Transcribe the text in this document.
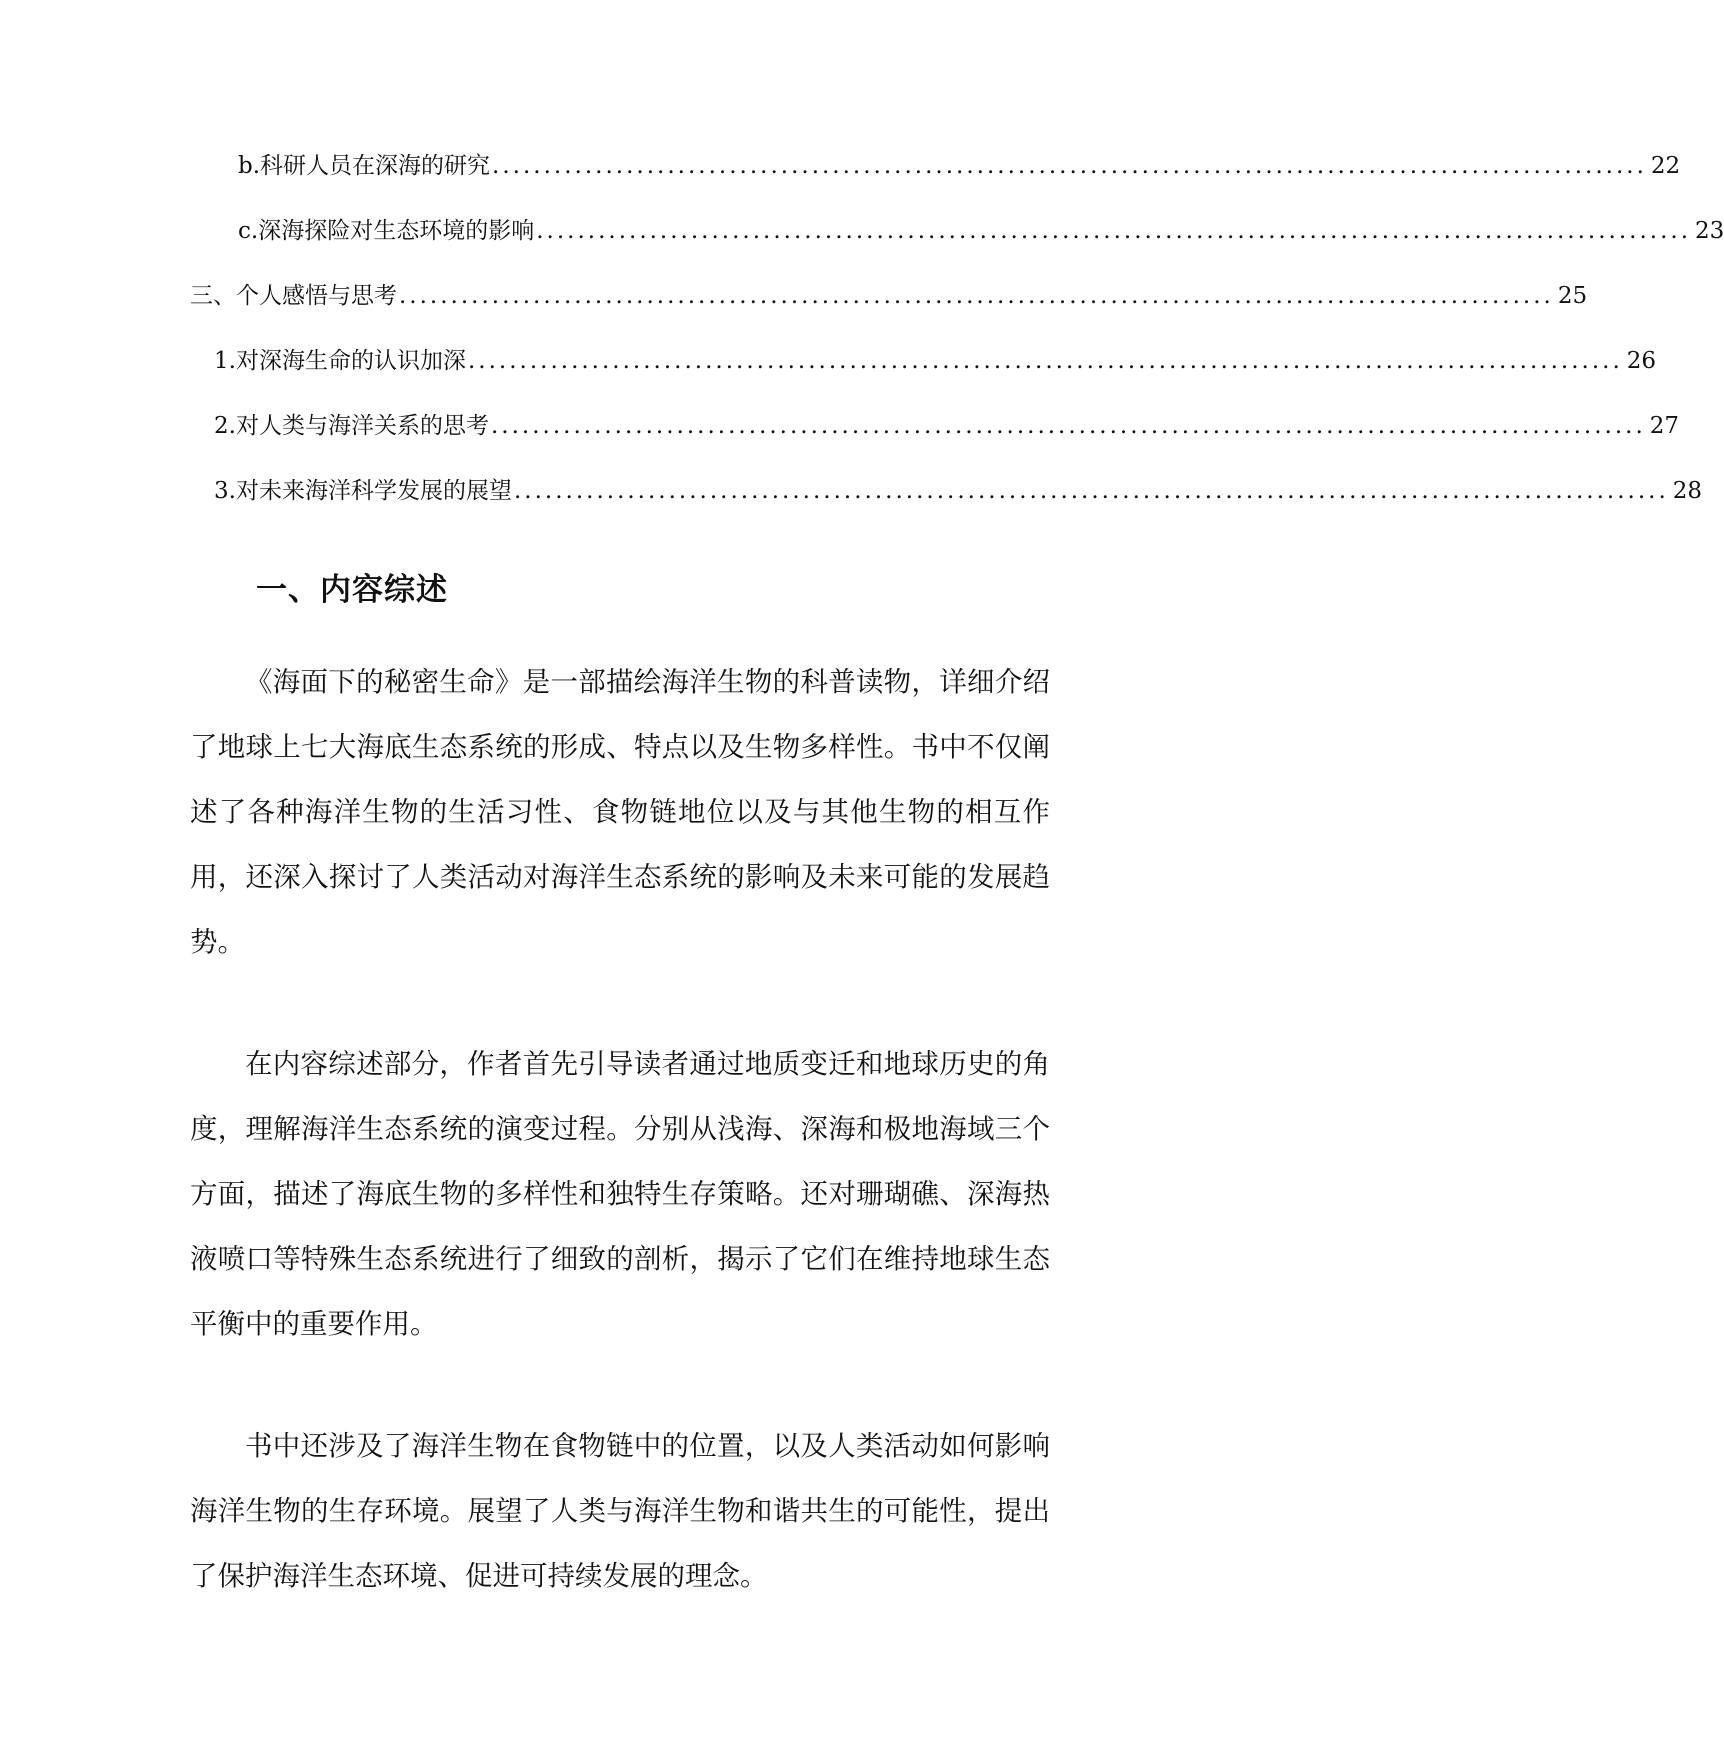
b. 科研人员在深海的研究 ................................................................................................................ 22
c. 深海探险对生态环境的影响 ................................................................................................................ 23
三、个人感悟与思考 ................................................................................................................ 25
1. 对深海生命的认识加深 ................................................................................................................ 26
2. 对人类与海洋关系的思考 ................................................................................................................ 27
3. 对未来海洋科学发展的展望 ................................................................................................................ 28
一、内容综述

《海面下的秘密生命》是一部描绘海洋生物的科普读物，详细介绍了地球上七大海底生态系统的形成、特点以及生物多样性。书中不仅阐述了各种海洋生物的生活习性、食物链地位以及与其他生物的相互作用，还深入探讨了人类活动对海洋生态系统的影响及未来可能的发展趋势。

在内容综述部分，作者首先引导读者通过地质变迁和地球历史的角度，理解海洋生态系统的演变过程。分别从浅海、深海和极地海域三个方面，描述了海底生物的多样性和独特生存策略。还对珊瑚礁、深海热液喷口等特殊生态系统进行了细致的剖析，揭示了它们在维持地球生态平衡中的重要作用。

书中还涉及了海洋生物在食物链中的位置，以及人类活动如何影响海洋生物的生存环境。展望了人类与海洋生物和谐共生的可能性，提出了保护海洋生态环境、促进可持续发展的理念。
